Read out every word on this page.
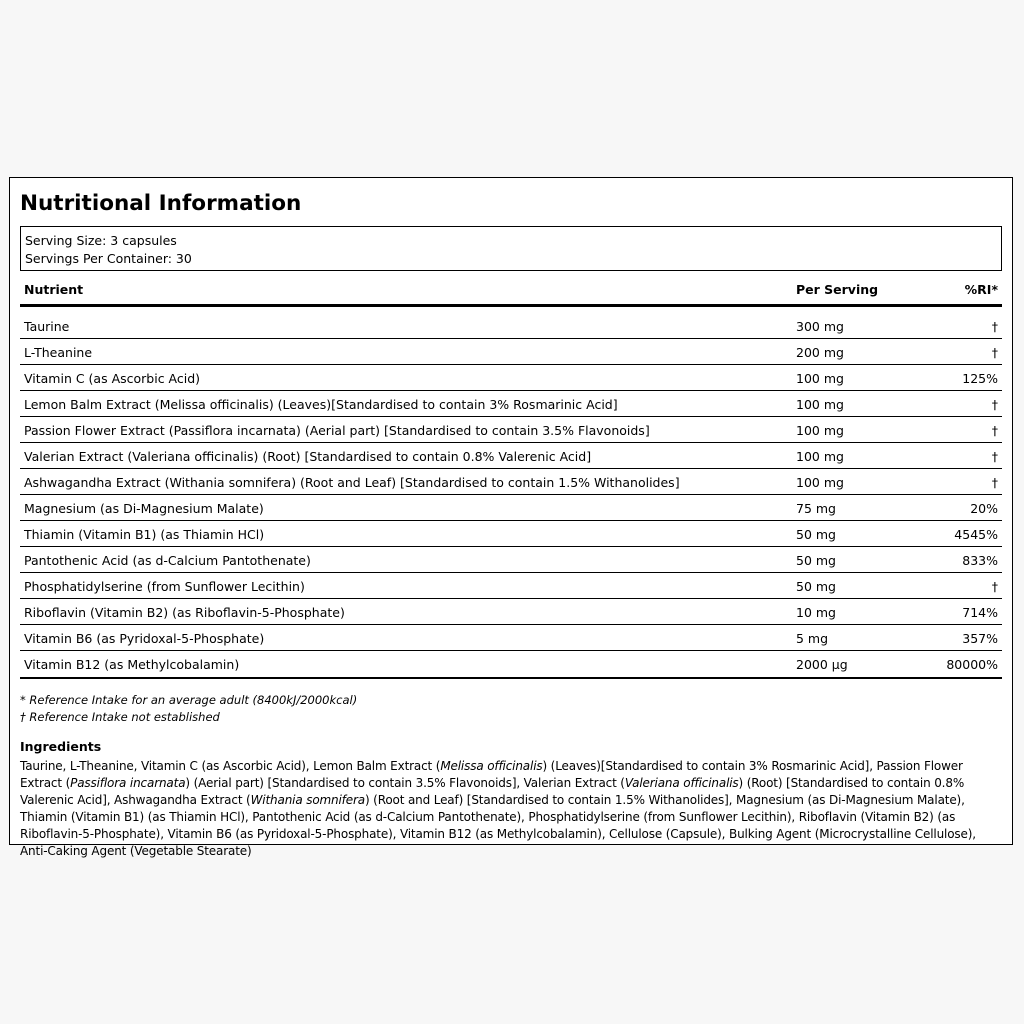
Nutritional Information
Serving Size: 3 capsules
Servings Per Container: 30
Nutrient	Per Serving	%RI*
Taurine	300 mg	†
L-Theanine	200 mg	†
Vitamin C (as Ascorbic Acid)	100 mg	125%
Lemon Balm Extract (Melissa officinalis) (Leaves)[Standardised to contain 3% Rosmarinic Acid]	100 mg	†
Passion Flower Extract (Passiflora incarnata) (Aerial part) [Standardised to contain 3.5% Flavonoids]	100 mg	†
Valerian Extract (Valeriana officinalis) (Root) [Standardised to contain 0.8% Valerenic Acid]	100 mg	†
Ashwagandha Extract (Withania somnifera) (Root and Leaf) [Standardised to contain 1.5% Withanolides]	100 mg	†
Magnesium (as Di-Magnesium Malate)	75 mg	20%
Thiamin (Vitamin B1) (as Thiamin HCl)	50 mg	4545%
Pantothenic Acid (as d-Calcium Pantothenate)	50 mg	833%
Phosphatidylserine (from Sunflower Lecithin)	50 mg	†
Riboflavin (Vitamin B2) (as Riboflavin-5-Phosphate)	10 mg	714%
Vitamin B6 (as Pyridoxal-5-Phosphate)	5 mg	357%
Vitamin B12 (as Methylcobalamin)	2000 µg	80000%
* Reference Intake for an average adult (8400kJ/2000kcal)
† Reference Intake not established
Ingredients
Taurine, L-Theanine, Vitamin C (as Ascorbic Acid), Lemon Balm Extract (Melissa officinalis) (Leaves)[Standardised to contain 3% Rosmarinic Acid], Passion Flower Extract (Passiflora incarnata) (Aerial part) [Standardised to contain 3.5% Flavonoids], Valerian Extract (Valeriana officinalis) (Root) [Standardised to contain 0.8% Valerenic Acid], Ashwagandha Extract (Withania somnifera) (Root and Leaf) [Standardised to contain 1.5% Withanolides], Magnesium (as Di-Magnesium Malate), Thiamin (Vitamin B1) (as Thiamin HCl), Pantothenic Acid (as d-Calcium Pantothenate), Phosphatidylserine (from Sunflower Lecithin), Riboflavin (Vitamin B2) (as Riboflavin-5-Phosphate), Vitamin B6 (as Pyridoxal-5-Phosphate), Vitamin B12 (as Methylcobalamin), Cellulose (Capsule), Bulking Agent (Microcrystalline Cellulose), Anti-Caking Agent (Vegetable Stearate)
